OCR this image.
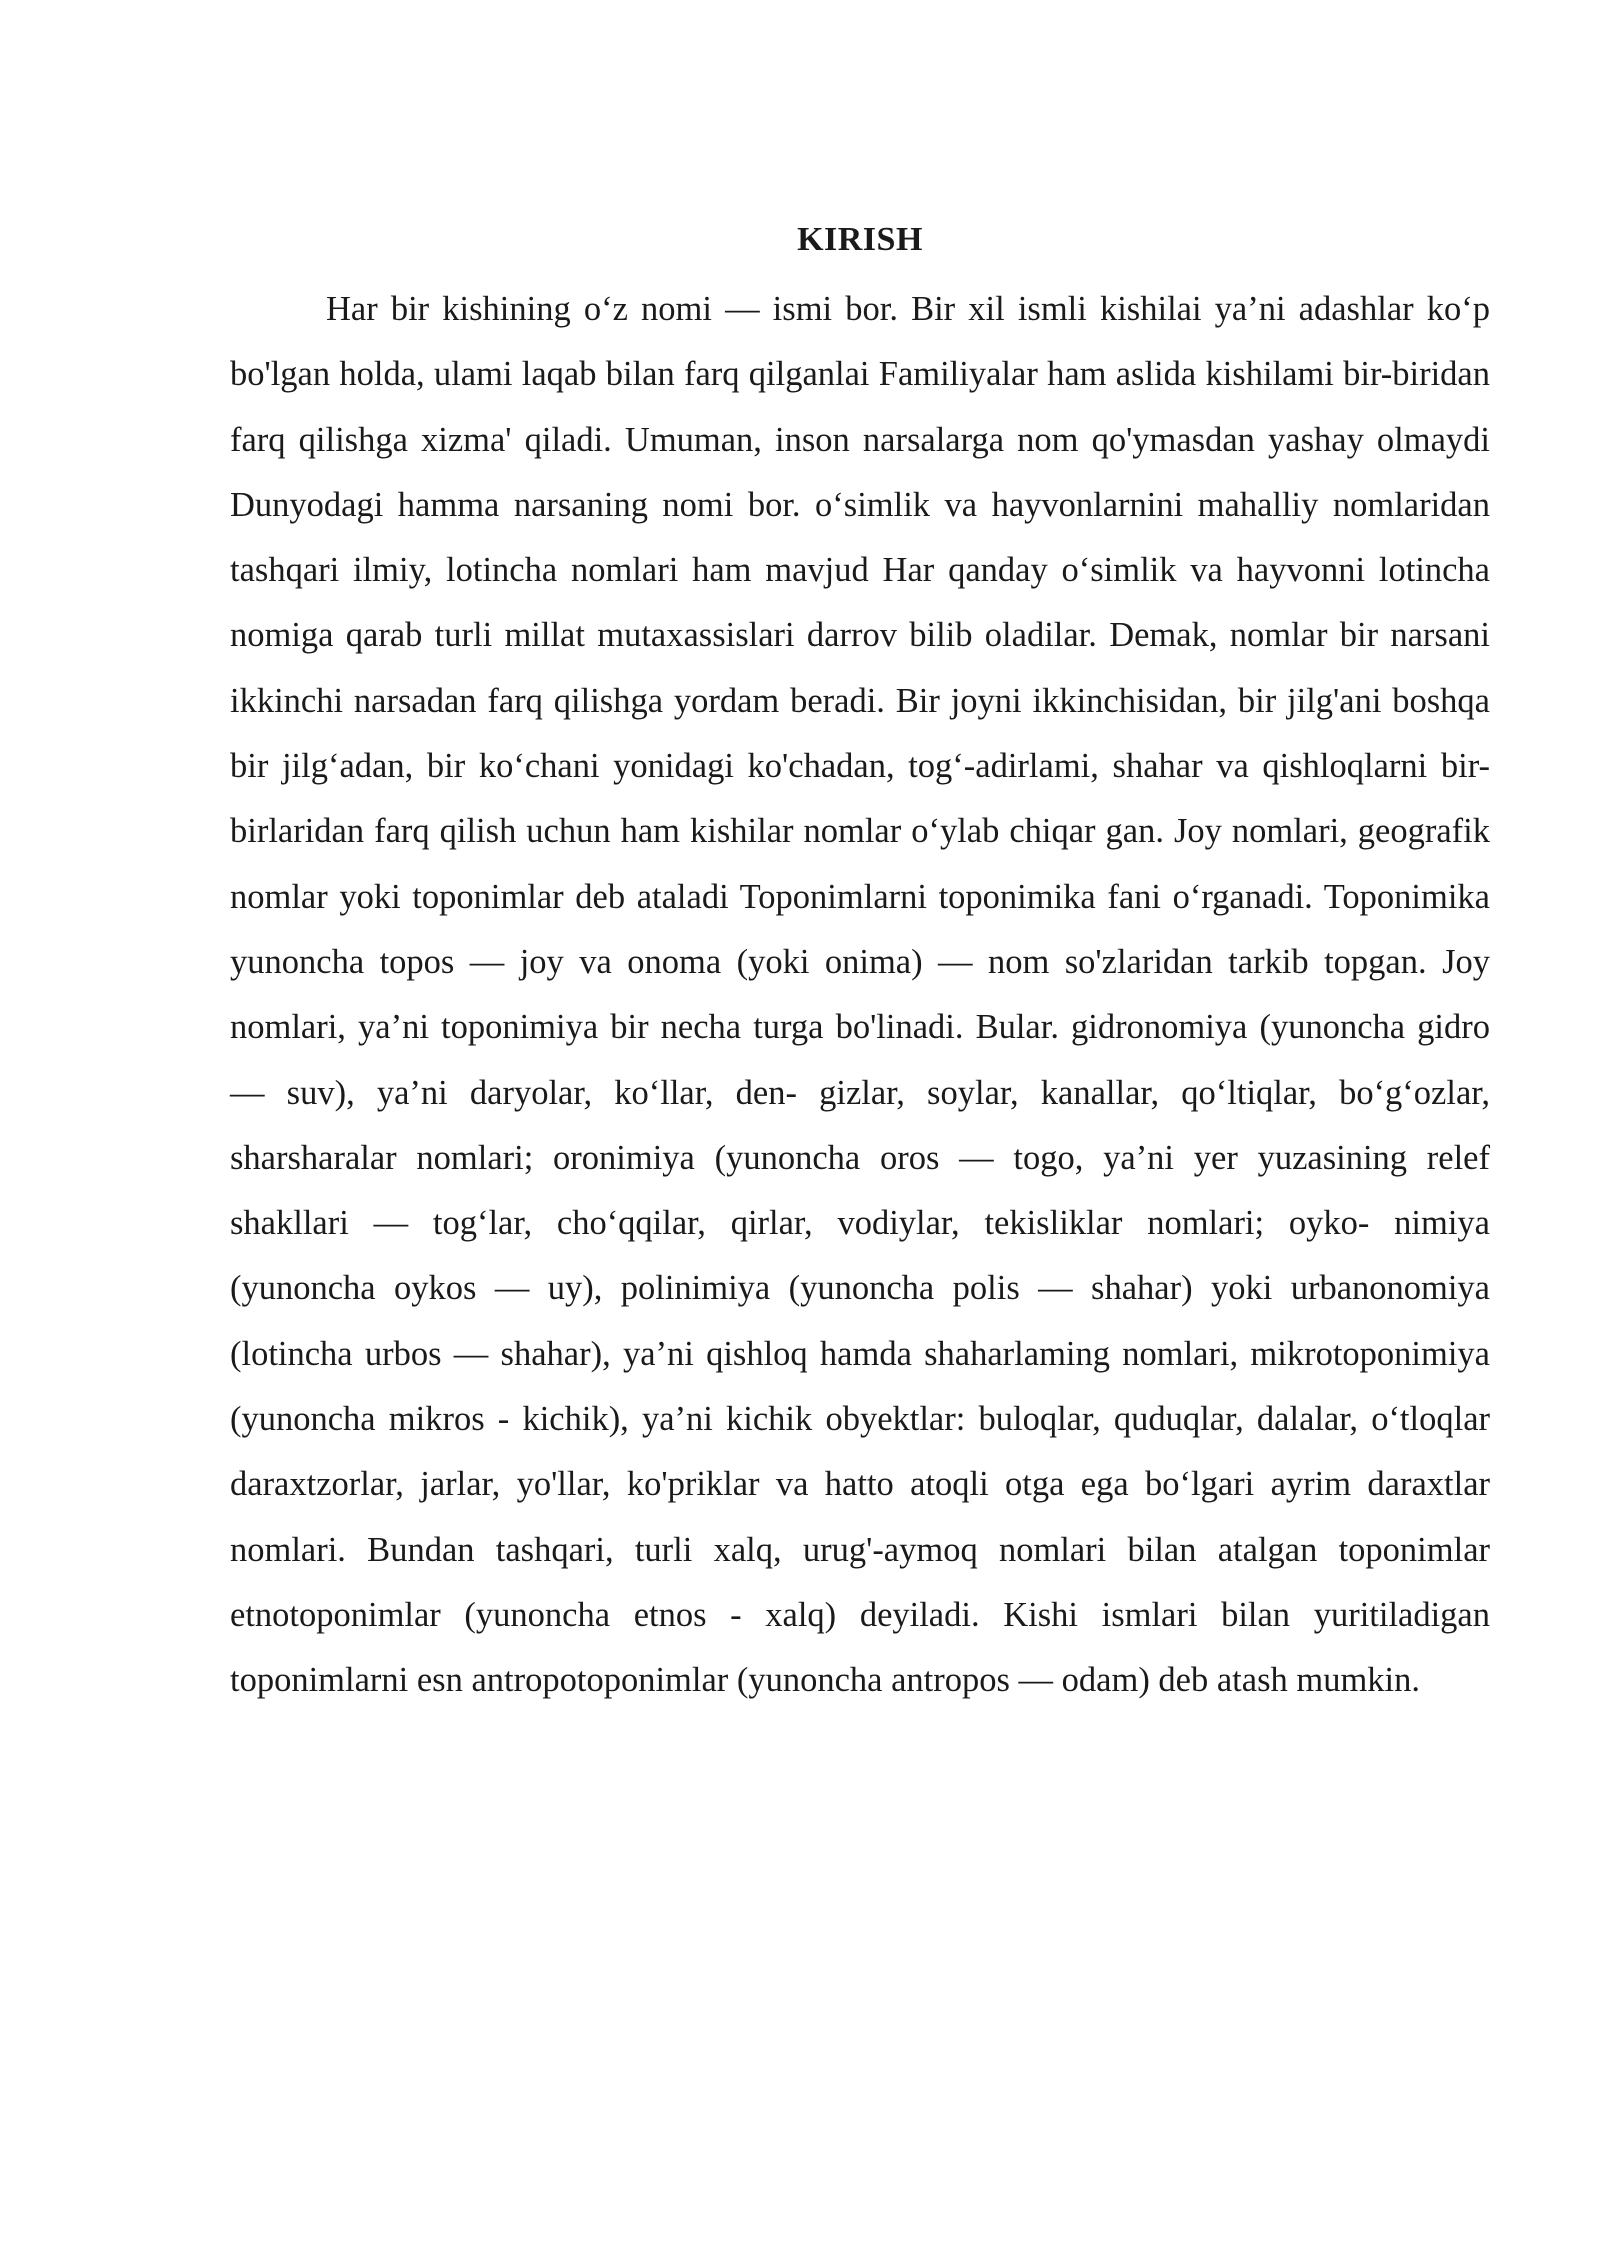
KIRISH

Har bir kishining o‘z nomi — ismi bor. Bir xil ismli kishilai ya’ni adashlar ko‘p bo'lgan holda, ulami laqab bilan farq qilganlai Familiyalar ham aslida kishilami bir-biridan farq qilishga xizma' qiladi. Umuman, inson narsalarga nom qo'ymasdan yashay olmaydi Dunyodagi hamma narsaning nomi bor. o‘simlik va hayvonlarnini mahalliy nomlaridan tashqari ilmiy, lotincha nomlari ham mavjud Har qanday o‘simlik va hayvonni lotincha nomiga qarab turli millat mutaxassislari darrov bilib oladilar. Demak, nomlar bir narsani ikkinchi narsadan farq qilishga yordam beradi. Bir joyni ikkinchisidan, bir jilg'ani boshqa bir jilg‘adan, bir ko‘chani yonidagi ko'chadan, tog‘-adirlami, shahar va qishloqlarni bir-birlaridan farq qilish uchun ham kishilar nomlar o‘ylab chiqar gan. Joy nomlari, geografik nomlar yoki toponimlar deb ataladi Toponimlarni toponimika fani o‘rganadi. Toponimika yunoncha topos — joy va onoma (yoki onima) — nom so'zlaridan tarkib topgan. Joy nomlari, ya’ni toponimiya bir necha turga bo'linadi. Bular. gidronomiya (yunoncha gidro — suv), ya’ni daryolar, ko‘llar, den- gizlar, soylar, kanallar, qo‘ltiqlar, bo‘g‘ozlar, sharsharalar nomlari; oronimiya (yunoncha oros — togo, ya’ni yer yuzasining relef shakllari — tog‘lar, cho‘qqilar, qirlar, vodiylar, tekisliklar nomlari; oyko- nimiya (yunoncha oykos — uy), polinimiya (yunoncha polis — shahar) yoki urbanonomiya (lotincha urbos — shahar), ya’ni qishloq hamda shaharlaming nomlari, mikrotoponimiya (yunoncha mikros - kichik), ya’ni kichik obyektlar: buloqlar, quduqlar, dalalar, o‘tloqlar daraxtzorlar, jarlar, yo'llar, ko'priklar va hatto atoqli otga ega bo‘lgari ayrim daraxtlar nomlari. Bundan tashqari, turli xalq, urug'-aymoq nomlari bilan atalgan toponimlar etnotoponimlar (yunoncha etnos - xalq) deyiladi. Kishi ismlari bilan yuritiladigan toponimlarni esn antropotoponimlar (yunoncha antropos — odam) deb atash mumkin.
